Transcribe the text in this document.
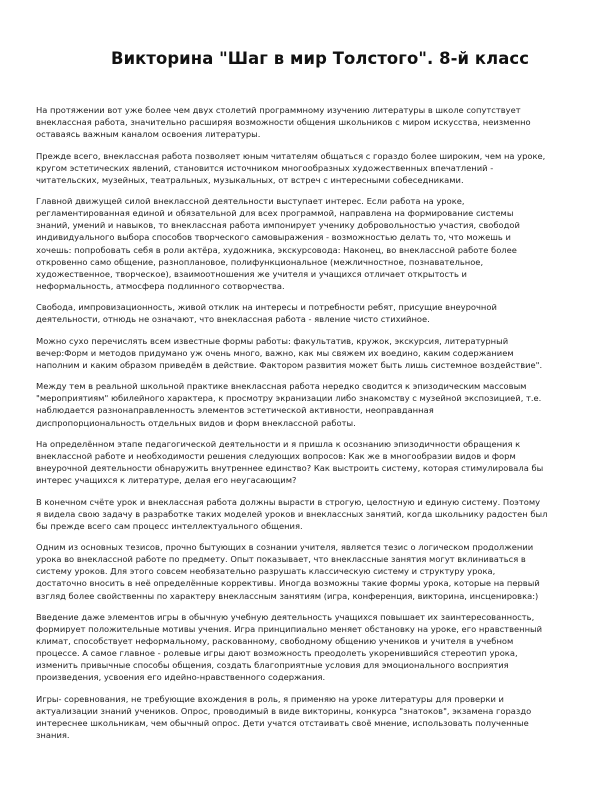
Викторина "Шаг в мир Толстого". 8-й класс

На протяжении вот уже более чем двух столетий программному изучению литературы в школе сопутствует
внеклассная работа, значительно расширяя возможности общения школьников с миром искусства, неизменно
оставаясь важным каналом освоения литературы.

Прежде всего, внеклассная работа позволяет юным читателям общаться с гораздо более широким, чем на уроке,
кругом эстетических явлений, становится источником многообразных художественных впечатлений -
читательских, музейных, театральных, музыкальных, от встреч с интересными собеседниками.

Главной движущей силой внеклассной деятельности выступает интерес. Если работа на уроке,
регламентированная единой и обязательной для всех программой, направлена на формирование системы
знаний, умений и навыков, то внеклассная работа импонирует ученику добровольностью участия, свободой
индивидуального выбора способов творческого самовыражения - возможностью делать то, что можешь и
хочешь: попробовать себя в роли актёра, художника, экскурсовода: Наконец, во внеклассной работе более
откровенно само общение, разноплановое, полифункциональное (межличностное, познавательное,
художественное, творческое), взаимоотношения же учителя и учащихся отличает открытость и
неформальность, атмосфера подлинного сотворчества.

Свобода, импровизационность, живой отклик на интересы и потребности ребят, присущие внеурочной
деятельности, отнюдь не означают, что внеклассная работа - явление чисто стихийное.

Можно сухо перечислять всем известные формы работы: факультатив, кружок, экскурсия, литературный
вечер:Форм и методов придумано уж очень много, важно, как мы свяжем их воедино, каким содержанием
наполним и каким образом приведём в действие. Фактором развития может быть лишь системное воздействие".

Между тем в реальной школьной практике внеклассная работа нередко сводится к эпизодическим массовым
"мероприятиям" юбилейного характера, к просмотру экранизации либо знакомству с музейной экспозицией, т.е.
наблюдается разнонаправленность элементов эстетической активности, неоправданная
диспропорциональность отдельных видов и форм внеклассной работы.

На определённом этапе педагогической деятельности и я пришла к осознанию эпизодичности обращения к
внеклассной работе и необходимости решения следующих вопросов: Как же в многообразии видов и форм
внеурочной деятельности обнаружить внутреннее единство? Как выстроить систему, которая стимулировала бы
интерес учащихся к литературе, делая его неугасающим?

В конечном счёте урок и внеклассная работа должны вырасти в строгую, целостную и единую систему. Поэтому
я видела свою задачу в разработке таких моделей уроков и внеклассных занятий, когда школьнику радостен был
бы прежде всего сам процесс интеллектуального общения.

Одним из основных тезисов, прочно бытующих в сознании учителя, является тезис о логическом продолжении
урока во внеклассной работе по предмету. Опыт показывает, что внеклассные занятия могут вклиниваться в
систему уроков. Для этого совсем необязательно разрушать классическую систему и структуру урока,
достаточно вносить в неё определённые коррективы. Иногда возможны такие формы урока, которые на первый
взгляд более свойственны по характеру внеклассным занятиям (игра, конференция, викторина, инсценировка:)

Введение даже элементов игры в обычную учебную деятельность учащихся повышает их заинтересованность,
формирует положительные мотивы учения. Игра принципиально меняет обстановку на уроке, его нравственный
климат, способствует неформальному, раскованному, свободному общению учеников и учителя в учебном
процессе. А самое главное - ролевые игры дают возможность преодолеть укоренившийся стереотип урока,
изменить привычные способы общения, создать благоприятные условия для эмоционального восприятия
произведения, усвоения его идейно-нравственного содержания.

Игры- соревнования, не требующие вхождения в роль, я применяю на уроке литературы для проверки и
актуализации знаний учеников. Опрос, проводимый в виде викторины, конкурса "знатоков", экзамена гораздо
интереснее школьникам, чем обычный опрос. Дети учатся отстаивать своё мнение, использовать полученные
знания.
